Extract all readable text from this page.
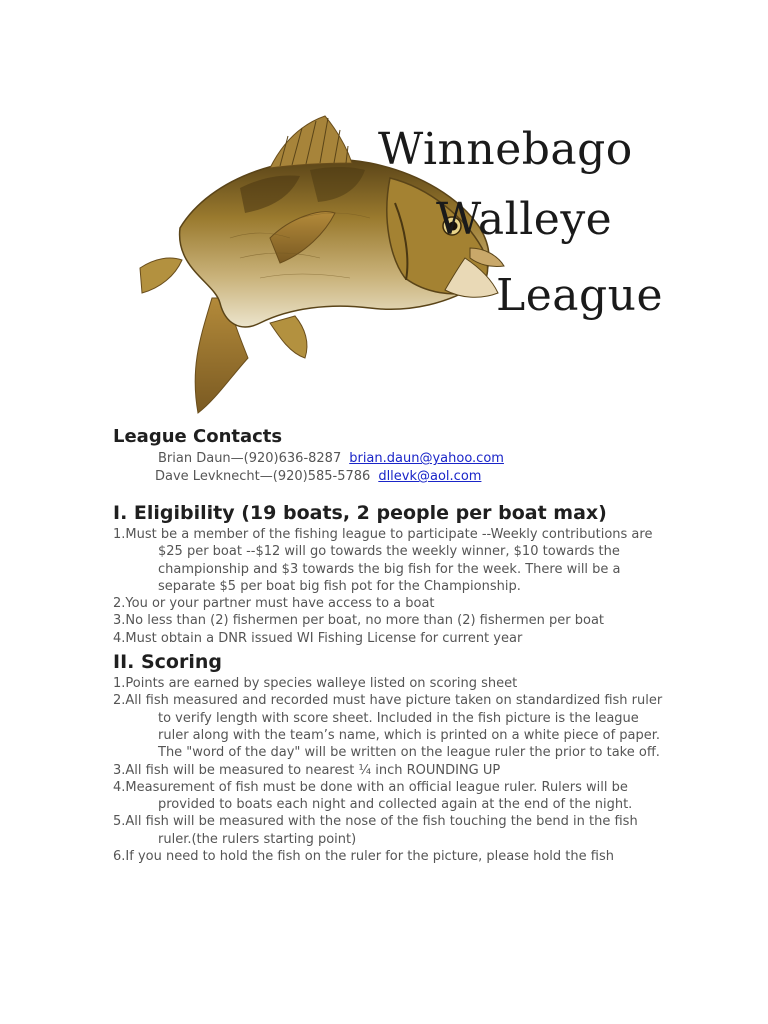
Winnebago
Walleye
League
League Contacts
Brian Daun—(920)636-8287 brian.daun@yahoo.com
Dave Levknecht—(920)585-5786 dllevk@aol.com
I. Eligibility (19 boats, 2 people per boat max)
1.Must be a member of the fishing league to participate --Weekly contributions are $25 per boat --$12 will go towards the weekly winner, $10 towards the championship and $3 towards the big fish for the week. There will be a separate $5 per boat big fish pot for the Championship.
2.You or your partner must have access to a boat
3.No less than (2) fishermen per boat, no more than (2) fishermen per boat
4.Must obtain a DNR issued WI Fishing License for current year
II. Scoring
1.Points are earned by species walleye listed on scoring sheet
2.All fish measured and recorded must have picture taken on standardized fish ruler to verify length with score sheet. Included in the fish picture is the league ruler along with the team’s name, which is printed on a white piece of paper. The "word of the day" will be written on the league ruler the prior to take off.
3.All fish will be measured to nearest ¼ inch ROUNDING UP
4.Measurement of fish must be done with an official league ruler. Rulers will be provided to boats each night and collected again at the end of the night.
5.All fish will be measured with the nose of the fish touching the bend in the fish ruler.(the rulers starting point)
6.If you need to hold the fish on the ruler for the picture, please hold the fish
